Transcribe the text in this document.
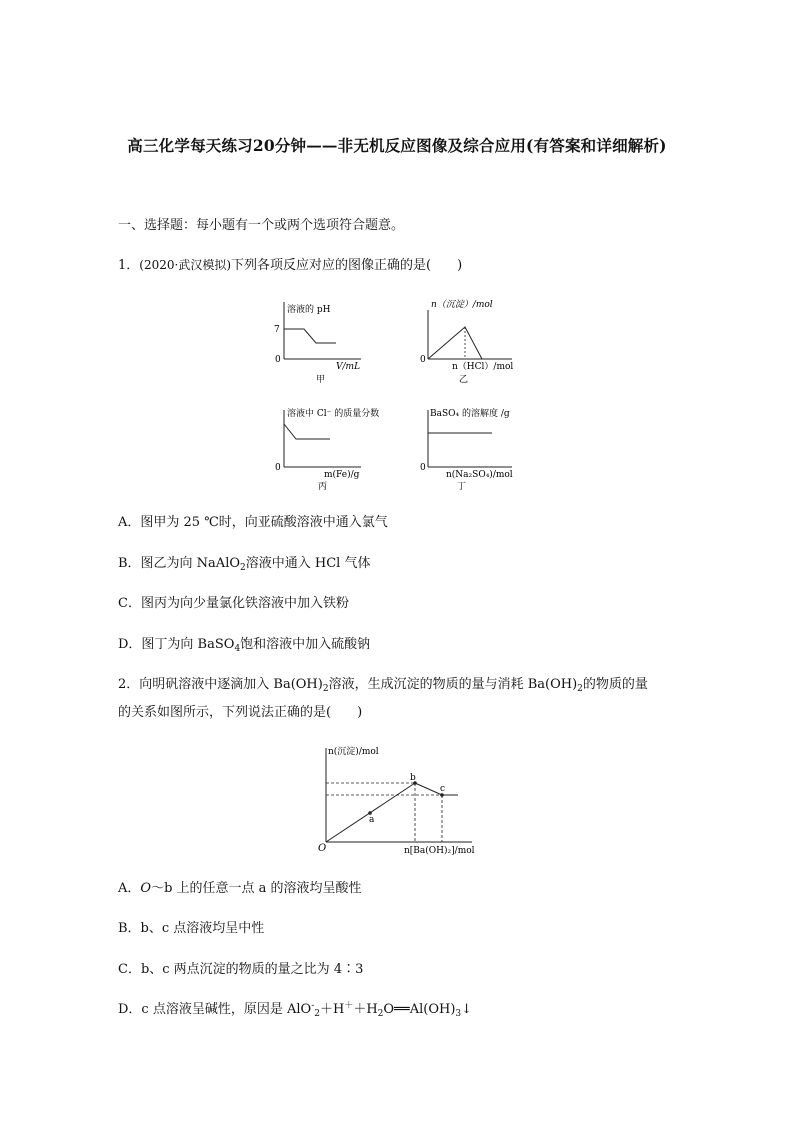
高三化学每天练习20分钟——非无机反应图像及综合应用(有答案和详细解析)
一、选择题：每小题有一个或两个选项符合题意。
1．(2020·武汉模拟)下列各项反应对应的图像正确的是(　　)
溶液的 pH
7
0
V/mL
甲
n（沉淀）/mol
0
n（HCl）/mol
乙
溶液中 Cl⁻ 的质量分数
0
m(Fe)/g
丙
BaSO₄ 的溶解度 /g
0
n(Na₂SO₄)/mol
丁
A．图甲为 25 ℃时，向亚硫酸溶液中通入氯气
B．图乙为向 NaAlO$_2$溶液中通入 HCl 气体
C．图丙为向少量氯化铁溶液中加入铁粉
D．图丁为向 BaSO$_4$饱和溶液中加入硫酸钠
2．向明矾溶液中逐滴加入 $Ba(OH)_2$溶液，生成沉淀的物质的量与消耗 $Ba(OH)_2$的物质的量
的关系如图所示，下列说法正确的是(　　)
n(沉淀)/mol
O	n[Ba(OH)₂]/mol
a
b
c
A．O～b 上的任意一点 a 的溶液均呈酸性
B．b、c 点溶液均呈中性
C．b、c 两点沉淀的物质的量之比为 4∶3
D．c 点溶液呈碱性，原因是 $AlO^-_2+H^++H_2O══Al(OH)_3↓$
